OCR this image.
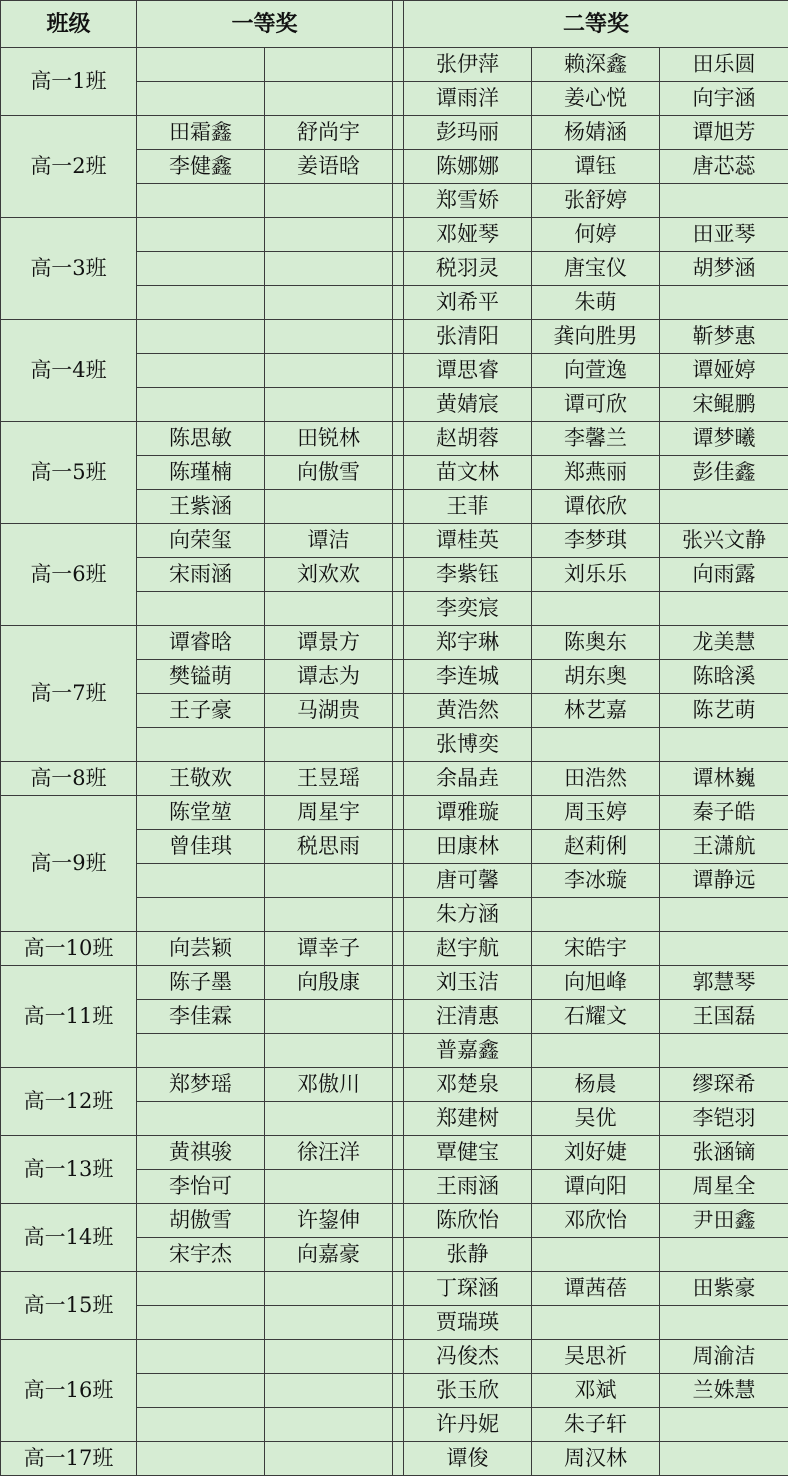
班级	一等奖			二等奖		
高一1班				张伊萍	赖深鑫	田乐圆
				谭雨洋	姜心悦	向宇涵
高一2班	田霜鑫	舒尚宇		彭玛丽	杨婧涵	谭旭芳
	李健鑫	姜语晗		陈娜娜	谭钰	唐芯蕊
				郑雪娇	张舒婷	
高一3班				邓娅琴	何婷	田亚琴
				税羽灵	唐宝仪	胡梦涵
				刘希平	朱萌	
高一4班				张清阳	龚向胜男	靳梦惠
				谭思睿	向萱逸	谭娅婷
				黄婧宸	谭可欣	宋鲲鹏
高一5班	陈思敏	田锐林		赵胡蓉	李馨兰	谭梦曦
	陈瑾楠	向傲雪		苗文林	郑燕丽	彭佳鑫
	王紫涵			王菲	谭依欣	
高一6班	向荣玺	谭洁		谭桂英	李梦琪	张兴文静
	宋雨涵	刘欢欢		李紫钰	刘乐乐	向雨露
				李奕宸		
高一7班	谭睿晗	谭景方		郑宇琳	陈奥东	龙美慧
	樊镒萌	谭志为		李连城	胡东奥	陈晗溪
	王子豪	马湖贵		黄浩然	林艺嘉	陈艺萌
				张博奕		
高一8班	王敬欢	王昱瑶		余晶垚	田浩然	谭林巍
高一9班	陈堂堃	周星宇		谭雅璇	周玉婷	秦子皓
	曾佳琪	税思雨		田康林	赵莉俐	王潇航
				唐可馨	李冰璇	谭静远
				朱方涵		
高一10班	向芸颖	谭幸子		赵宇航	宋皓宇	
高一11班	陈子墨	向殷康		刘玉洁	向旭峰	郭慧琴
	李佳霖			汪清惠	石耀文	王国磊
				普嘉鑫		
高一12班	郑梦瑶	邓傲川		邓楚泉	杨晨	缪琛希
				郑建树	吴优	李铠羽
高一13班	黄祺骏	徐汪洋		覃健宝	刘好婕	张涵镝
	李怡可			王雨涵	谭向阳	周星全
高一14班	胡傲雪	许鋆伸		陈欣怡	邓欣怡	尹田鑫
	宋宇杰	向嘉豪		张静		
高一15班				丁琛涵	谭茜蓓	田紫豪
				贾瑞瑛		
高一16班				冯俊杰	吴思祈	周渝洁
				张玉欣	邓斌	兰姝慧
				许丹妮	朱子轩	
高一17班				谭俊	周汉林	
